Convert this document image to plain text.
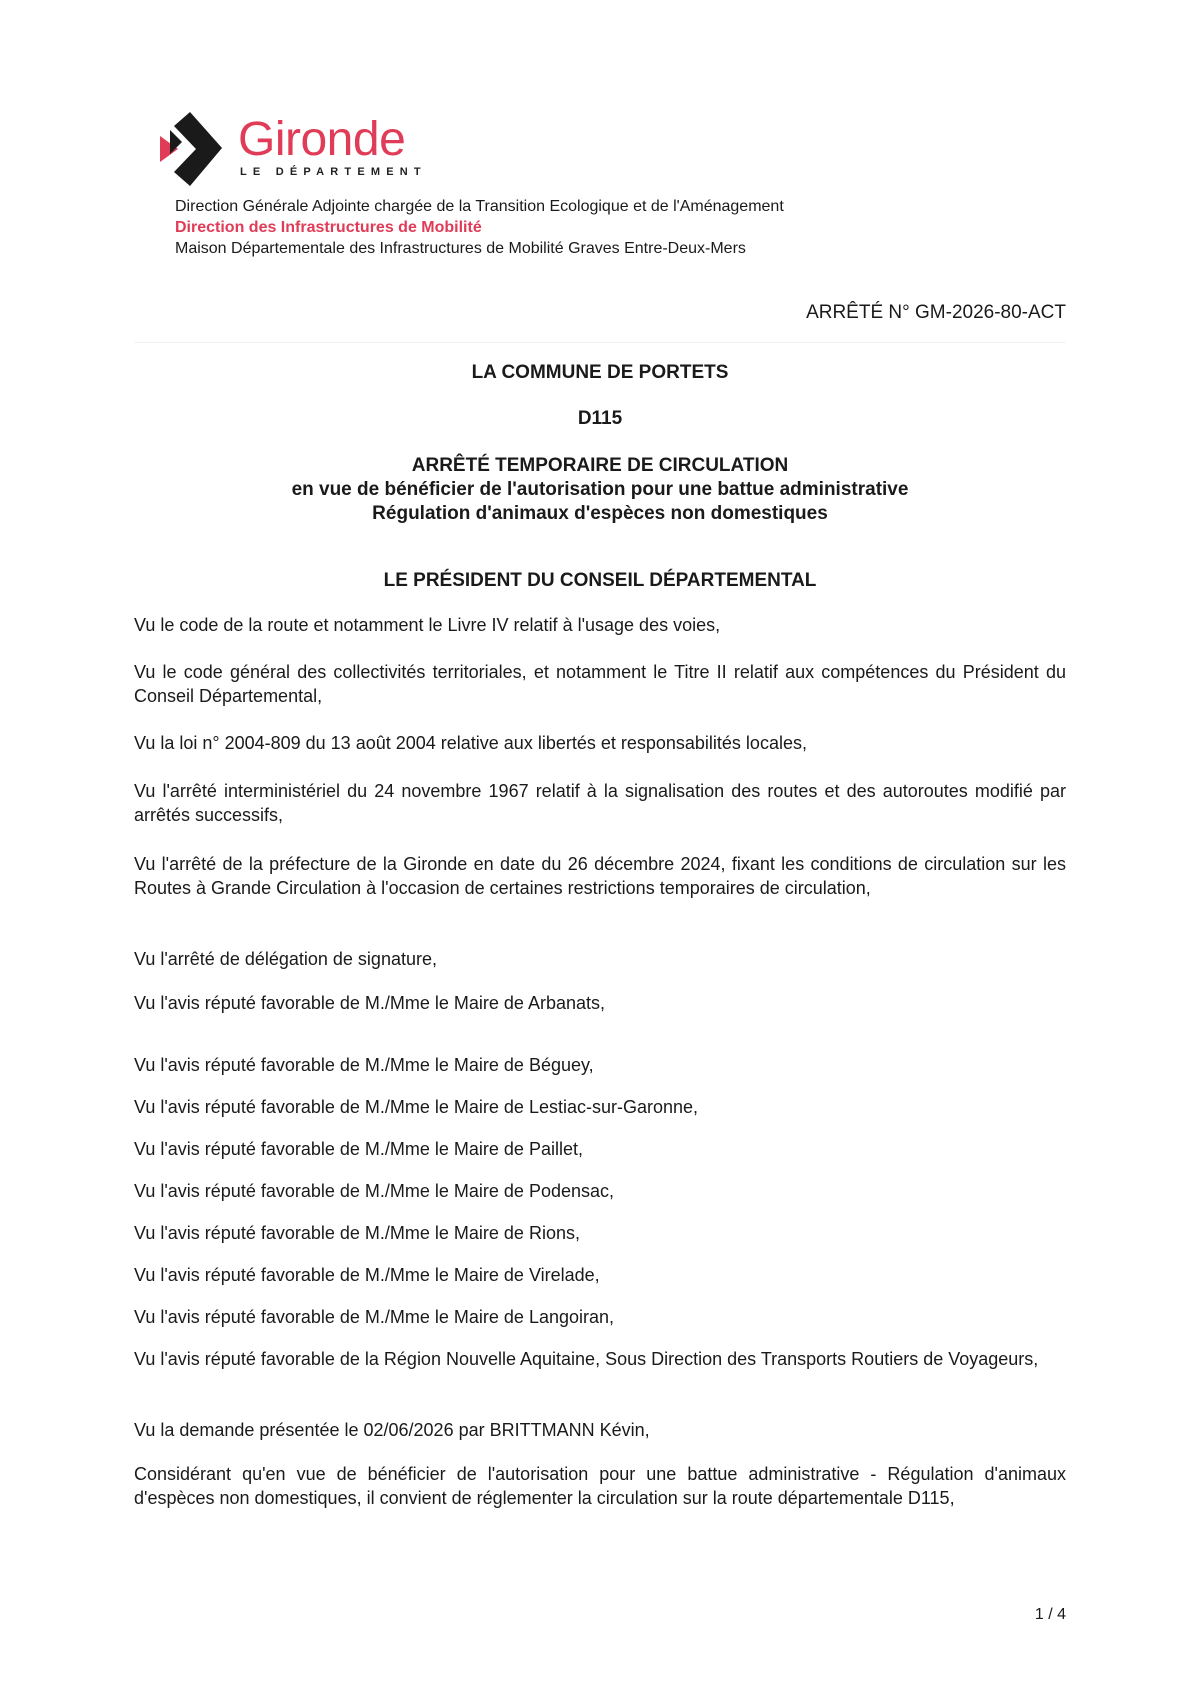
Gironde
LE DÉPARTEMENT
Direction Générale Adjointe chargée de la Transition Ecologique et de l'Aménagement
Direction des Infrastructures de Mobilité
Maison Départementale des Infrastructures de Mobilité Graves Entre-Deux-Mers
ARRÊTÉ N° GM-2026-80-ACT
LA COMMUNE DE PORTETS
D115
ARRÊTÉ TEMPORAIRE DE CIRCULATION
en vue de bénéficier de l'autorisation pour une battue administrative
Régulation d'animaux d'espèces non domestiques
LE PRÉSIDENT DU CONSEIL DÉPARTEMENTAL
Vu le code de la route et notamment le Livre IV relatif à l'usage des voies,
Vu le code général des collectivités territoriales, et notamment le Titre II relatif aux compétences du Président du Conseil Départemental,
Vu la loi n° 2004-809 du 13 août 2004 relative aux libertés et responsabilités locales,
Vu l'arrêté interministériel du 24 novembre 1967 relatif à la signalisation des routes et des autoroutes modifié par arrêtés successifs,
Vu l'arrêté de la préfecture de la Gironde en date du 26 décembre 2024, fixant les conditions de circulation sur les Routes à Grande Circulation à l'occasion de certaines restrictions temporaires de circulation,
Vu l'arrêté de délégation de signature,
Vu l'avis réputé favorable de M./Mme le Maire de Arbanats,
Vu l'avis réputé favorable de M./Mme le Maire de Béguey,
Vu l'avis réputé favorable de M./Mme le Maire de Lestiac-sur-Garonne,
Vu l'avis réputé favorable de M./Mme le Maire de Paillet,
Vu l'avis réputé favorable de M./Mme le Maire de Podensac,
Vu l'avis réputé favorable de M./Mme le Maire de Rions,
Vu l'avis réputé favorable de M./Mme le Maire de Virelade,
Vu l'avis réputé favorable de M./Mme le Maire de Langoiran,
Vu l'avis réputé favorable de la Région Nouvelle Aquitaine, Sous Direction des Transports Routiers de Voyageurs,
Vu la demande présentée le 02/06/2026 par BRITTMANN Kévin,
Considérant qu'en vue de bénéficier de l'autorisation pour une battue administrative - Régulation d'animaux d'espèces non domestiques, il convient de réglementer la circulation sur la route départementale D115,
1 / 4
